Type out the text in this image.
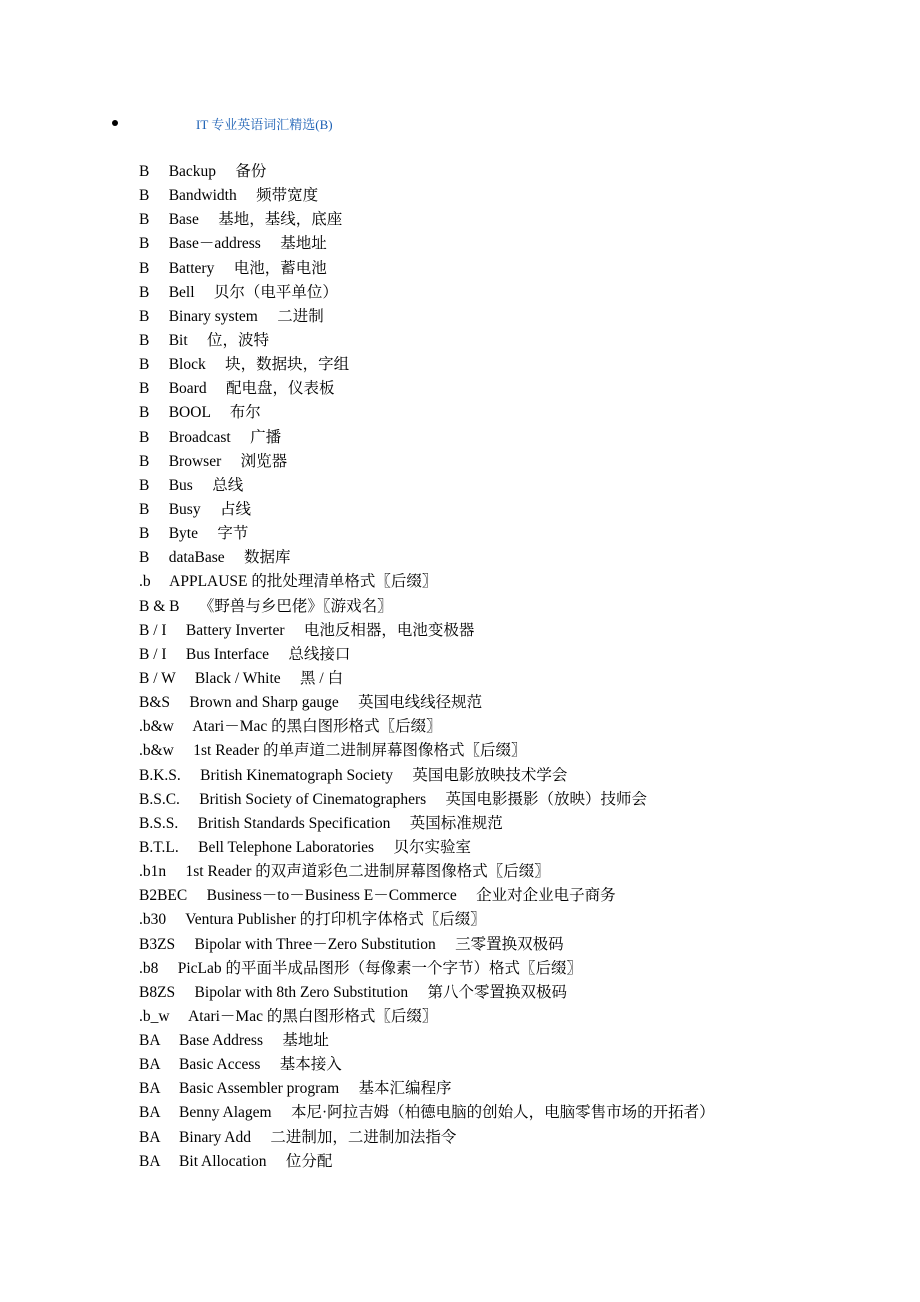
IT 专业英语词汇精选(B)
B　 Backup　 备份
B　 Bandwidth　 频带宽度
B　 Base　 基地，基线，底座
B　 Base－address　 基地址
B　 Battery　 电池，蓄电池
B　 Bell　 贝尔（电平单位）
B　 Binary system　 二进制
B　 Bit　 位，波特
B　 Block　 块，数据块，字组
B　 Board　 配电盘，仪表板
B　 BOOL　 布尔
B　 Broadcast　 广播
B　 Browser　 浏览器
B　 Bus　 总线
B　 Busy　 占线
B　 Byte　 字节
B　 dataBase　 数据库
.b　 APPLAUSE 的批处理清单格式〖后缀〗
B & B　 《野兽与乡巴佬》〖游戏名〗
B / I　 Battery Inverter　 电池反相器，电池变极器
B / I　 Bus Interface　 总线接口
B / W　 Black / White　 黑 / 白
B&S　 Brown and Sharp gauge　 英国电线线径规范
.b&w　 Atari－Mac 的黑白图形格式〖后缀〗
.b&w　 1st Reader 的单声道二进制屏幕图像格式〖后缀〗
B.K.S.　 British Kinematograph Society　 英国电影放映技术学会
B.S.C.　 British Society of Cinematographers　 英国电影摄影（放映）技师会
B.S.S.　 British Standards Specification　 英国标准规范
B.T.L.　 Bell Telephone Laboratories　 贝尔实验室
.b1n　 1st Reader 的双声道彩色二进制屏幕图像格式〖后缀〗
B2BEC　 Business－to－Business E－Commerce　 企业对企业电子商务
.b30　 Ventura Publisher 的打印机字体格式〖后缀〗
B3ZS　 Bipolar with Three－Zero Substitution　 三零置换双极码
.b8　 PicLab 的平面半成品图形（每像素一个字节）格式〖后缀〗
B8ZS　 Bipolar with 8th Zero Substitution　 第八个零置换双极码
.b_w　 Atari－Mac 的黑白图形格式〖后缀〗
BA　 Base Address　 基地址
BA　 Basic Access　 基本接入
BA　 Basic Assembler program　 基本汇编程序
BA　 Benny Alagem　 本尼·阿拉吉姆（柏德电脑的创始人，电脑零售市场的开拓者）
BA　 Binary Add　 二进制加，二进制加法指令
BA　 Bit Allocation　 位分配
